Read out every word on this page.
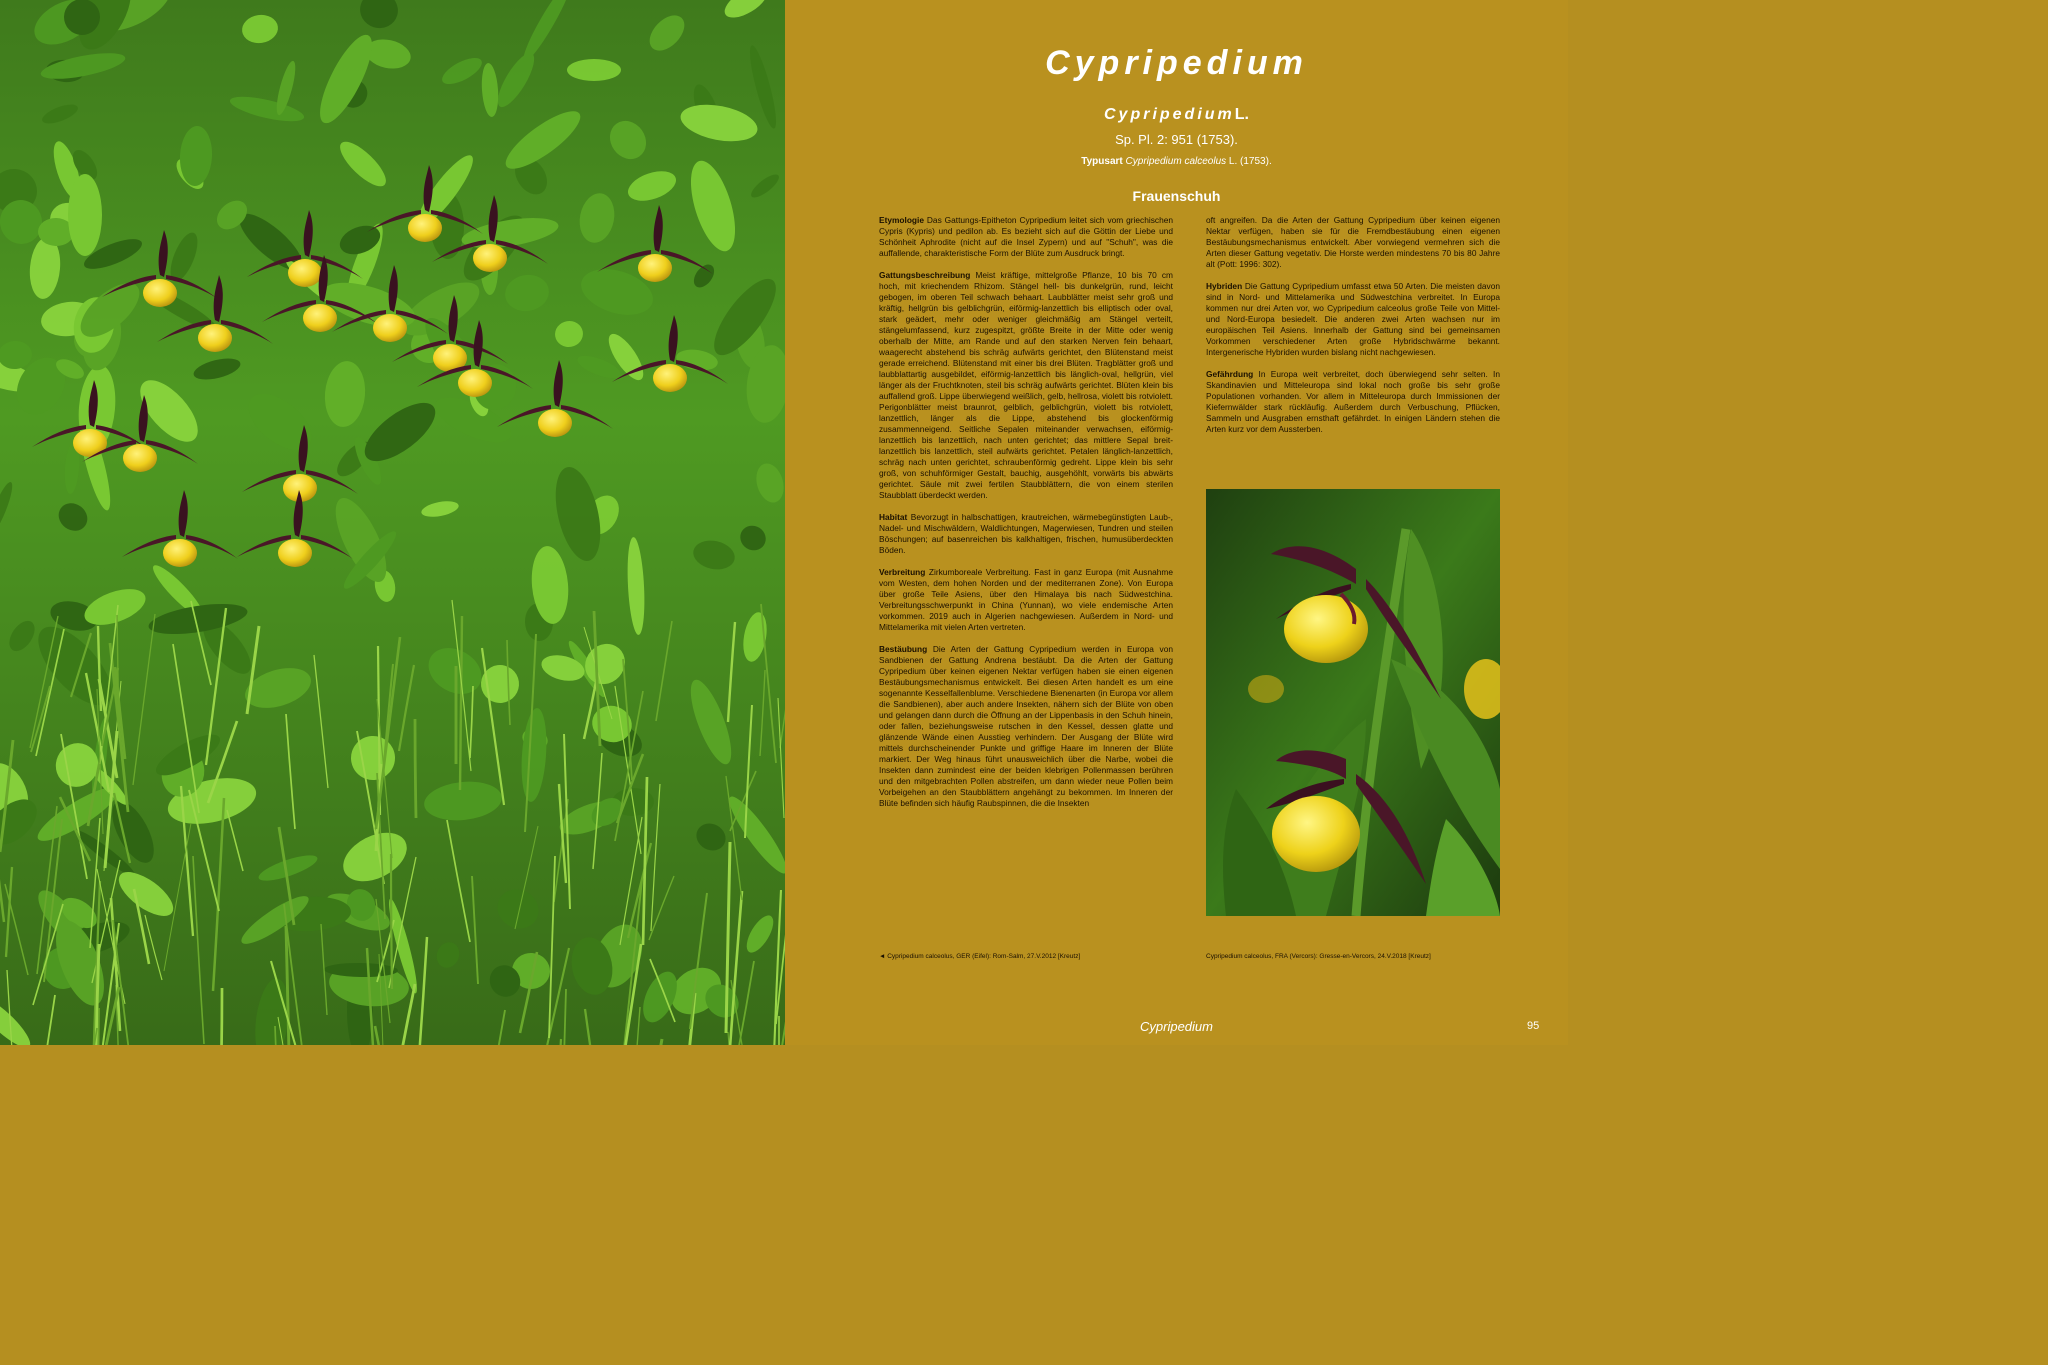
Cypripedium
CypripediumL.
Sp. Pl. 2: 951 (1753).
Typusart Cypripedium calceolus L. (1753).
Frauenschuh

Etymologie Das Gattungs-Epitheton Cypripedium leitet sich vom griechischen Cypris (Kypris) und pedilon ab. Es bezieht sich auf die Göttin der Liebe und Schönheit Aphrodite (nicht auf die Insel Zypern) und auf "Schuh", was die auffallende, charakteristische Form der Blüte zum Ausdruck bringt.

Gattungsbeschreibung Meist kräftige, mittelgroße Pflanze, 10 bis 70 cm hoch, mit kriechendem Rhizom. Stängel hell- bis dunkelgrün, rund, leicht gebogen, im oberen Teil schwach behaart. Laubblätter meist sehr groß und kräftig, hellgrün bis gelblichgrün, eiförmig-lanzettlich bis elliptisch oder oval, stark geädert, mehr oder weniger gleichmäßig am Stängel verteilt, stängelumfassend, kurz zugespitzt, größte Breite in der Mitte oder wenig oberhalb der Mitte, am Rande und auf den starken Nerven fein behaart, waagerecht abstehend bis schräg aufwärts gerichtet, den Blütenstand meist gerade erreichend. Blütenstand mit einer bis drei Blüten. Tragblätter groß und laubblattartig ausgebildet, eiförmig-lanzettlich bis länglich-oval, hellgrün, viel länger als der Fruchtknoten, steil bis schräg aufwärts gerichtet. Blüten klein bis auffallend groß. Lippe überwiegend weißlich, gelb, hellrosa, violett bis rotviolett. Perigonblätter meist braunrot, gelblich, gelblichgrün, violett bis rotviolett, lanzettlich, länger als die Lippe, abstehend bis glockenförmig zusammenneigend. Seitliche Sepalen miteinander verwachsen, eiförmig-lanzettlich bis lanzettlich, nach unten gerichtet; das mittlere Sepal breit-lanzettlich bis lanzettlich, steil aufwärts gerichtet. Petalen länglich-lanzettlich, schräg nach unten gerichtet, schraubenförmig gedreht. Lippe klein bis sehr groß, von schuhförmiger Gestalt, bauchig, ausgehöhlt, vorwärts bis abwärts gerichtet. Säule mit zwei fertilen Staubblättern, die von einem sterilen Staubblatt überdeckt werden.

Habitat Bevorzugt in halbschattigen, krautreichen, wärmebegünstigten Laub-, Nadel- und Mischwäldern, Waldlichtungen, Magerwiesen, Tundren und steilen Böschungen; auf basenreichen bis kalkhaltigen, frischen, humusüberdeckten Böden.

Verbreitung Zirkumboreale Verbreitung. Fast in ganz Europa (mit Ausnahme vom Westen, dem hohen Norden und der mediterranen Zone). Von Europa über große Teile Asiens, über den Himalaya bis nach Südwestchina. Verbreitungsschwerpunkt in China (Yunnan), wo viele endemische Arten vorkommen. 2019 auch in Algerien nachgewiesen. Außerdem in Nord- und Mittelamerika mit vielen Arten vertreten.

Bestäubung Die Arten der Gattung Cypripedium werden in Europa von Sandbienen der Gattung Andrena bestäubt. Da die Arten der Gattung Cypripedium über keinen eigenen Nektar verfügen haben sie einen eigenen Bestäubungsmechanismus entwickelt. Bei diesen Arten handelt es um eine sogenannte Kesselfallenblume. Verschiedene Bienenarten (in Europa vor allem die Sandbienen), aber auch andere Insekten, nähern sich der Blüte von oben und gelangen dann durch die Öffnung an der Lippenbasis in den Schuh hinein, oder fallen, beziehungsweise rutschen in den Kessel, dessen glatte und glänzende Wände einen Ausstieg verhindern. Der Ausgang der Blüte wird mittels durchscheinender Punkte und griffige Haare im Inneren der Blüte markiert. Der Weg hinaus führt unausweichlich über die Narbe, wobei die Insekten dann zumindest eine der beiden klebrigen Pollenmassen berühren und den mitgebrachten Pollen abstreifen, um dann wieder neue Pollen beim Vorbeigehen an den Staubblättern angehängt zu bekommen. Im Inneren der Blüte befinden sich häufig Raubspinnen, die die Insekten

oft angreifen. Da die Arten der Gattung Cypripedium über keinen eigenen Nektar verfügen, haben sie für die Fremdbestäubung einen eigenen Bestäubungsmechanismus entwickelt. Aber vorwiegend vermehren sich die Arten dieser Gattung vegetativ. Die Horste werden mindestens 70 bis 80 Jahre alt (Pott: 1996: 302).

Hybriden Die Gattung Cypripedium umfasst etwa 50 Arten. Die meisten davon sind in Nord- und Mittelamerika und Südwestchina verbreitet. In Europa kommen nur drei Arten vor, wo Cypripedium calceolus große Teile von Mittel- und Nord-Europa besiedelt. Die anderen zwei Arten wachsen nur im europäischen Teil Asiens. Innerhalb der Gattung sind bei gemeinsamen Vorkommen verschiedener Arten große Hybridschwärme bekannt. Intergenerische Hybriden wurden bislang nicht nachgewiesen.

Gefährdung In Europa weit verbreitet, doch überwiegend sehr selten. In Skandinavien und Mitteleuropa sind lokal noch große bis sehr große Populationen vorhanden. Vor allem in Mitteleuropa durch Immissionen der Kiefernwälder stark rückläufig. Außerdem durch Verbuschung, Pflücken, Sammeln und Ausgraben ernsthaft gefährdet. In einigen Ländern stehen die Arten kurz vor dem Aussterben.

◄ Cypripedium calceolus, GER (Eifel): Rom-Salm, 27.V.2012 [Kreutz]	Cypripedium calceolus, FRA (Vercors): Gresse-en-Vercors, 24.V.2018 [Kreutz]
Cypripedium	95
